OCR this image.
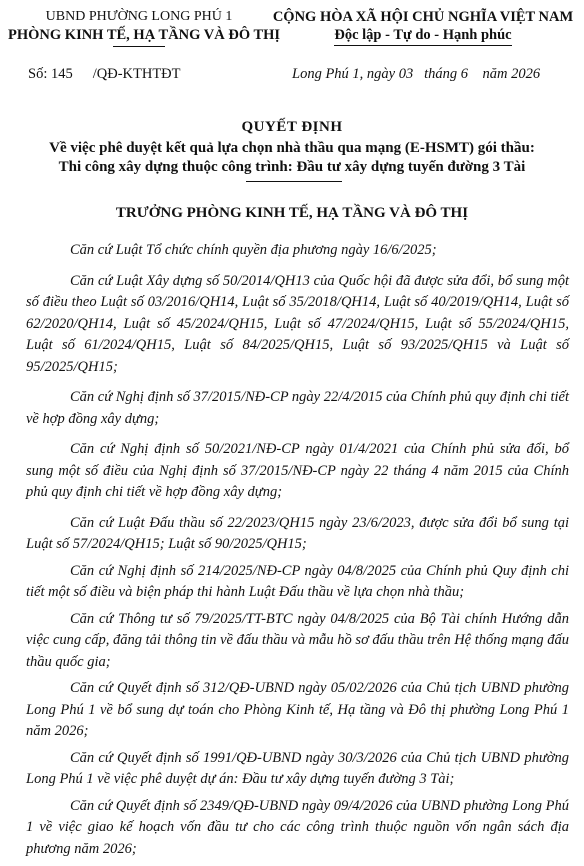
UBND PHƯỜNG LONG PHÚ 1
PHÒNG KINH TẾ, HẠ TẦNG VÀ ĐÔ THỊ
CỘNG HÒA XÃ HỘI CHỦ NGHĨA VIỆT NAM
Độc lập - Tự do - Hạnh phúc
Số: 145 /QĐ-KTHTĐT	Long Phú 1, ngày 03   tháng 6    năm 2026
QUYẾT ĐỊNH
Về việc phê duyệt kết quả lựa chọn nhà thầu qua mạng (E-HSMT) gói thầu:
Thi công xây dựng thuộc công trình: Đầu tư xây dựng tuyến đường 3 Tài
TRƯỞNG PHÒNG KINH TẾ, HẠ TẦNG VÀ ĐÔ THỊ

Căn cứ Luật Tổ chức chính quyền địa phương ngày 16/6/2025;

Căn cứ Luật Xây dựng số 50/2014/QH13 của Quốc hội đã được sửa đổi, bổ sung một số điều theo Luật số 03/2016/QH14, Luật số 35/2018/QH14, Luật số 40/2019/QH14, Luật số 62/2020/QH14, Luật số 45/2024/QH15, Luật số 47/2024/QH15, Luật số 55/2024/QH15, Luật số 61/2024/QH15, Luật số 84/2025/QH15, Luật số 93/2025/QH15 và Luật số 95/2025/QH15;

Căn cứ Nghị định số 37/2015/NĐ-CP ngày 22/4/2015 của Chính phủ quy định chi tiết về hợp đồng xây dựng;

Căn cứ Nghị định số 50/2021/NĐ-CP ngày 01/4/2021 của Chính phủ sửa đổi, bổ sung một số điều của Nghị định số 37/2015/NĐ-CP ngày 22 tháng 4 năm 2015 của Chính phủ quy định chi tiết về hợp đồng xây dựng;

Căn cứ Luật Đấu thầu số 22/2023/QH15 ngày 23/6/2023, được sửa đổi bổ sung tại Luật số 57/2024/QH15; Luật số 90/2025/QH15;

Căn cứ Nghị định số 214/2025/NĐ-CP ngày 04/8/2025 của Chính phủ Quy định chi tiết một số điều và biện pháp thi hành Luật Đấu thầu về lựa chọn nhà thầu;

Căn cứ Thông tư số 79/2025/TT-BTC ngày 04/8/2025 của Bộ Tài chính Hướng dẫn việc cung cấp, đăng tải thông tin về đấu thầu và mẫu hồ sơ đấu thầu trên Hệ thống mạng đấu thầu quốc gia;

Căn cứ Quyết định số 312/QĐ-UBND ngày 05/02/2026 của Chủ tịch UBND phường Long Phú 1 về bổ sung dự toán cho Phòng Kinh tế, Hạ tầng và Đô thị phường Long Phú 1 năm 2026;

Căn cứ Quyết định số 1991/QĐ-UBND ngày 30/3/2026 của Chủ tịch UBND phường Long Phú 1 về việc phê duyệt dự án: Đầu tư xây dựng tuyến đường 3 Tài;

Căn cứ Quyết định số 2349/QĐ-UBND ngày 09/4/2026 của UBND phường Long Phú 1 về việc giao kế hoạch vốn đầu tư cho các công trình thuộc nguồn vốn ngân sách địa phương năm 2026;
